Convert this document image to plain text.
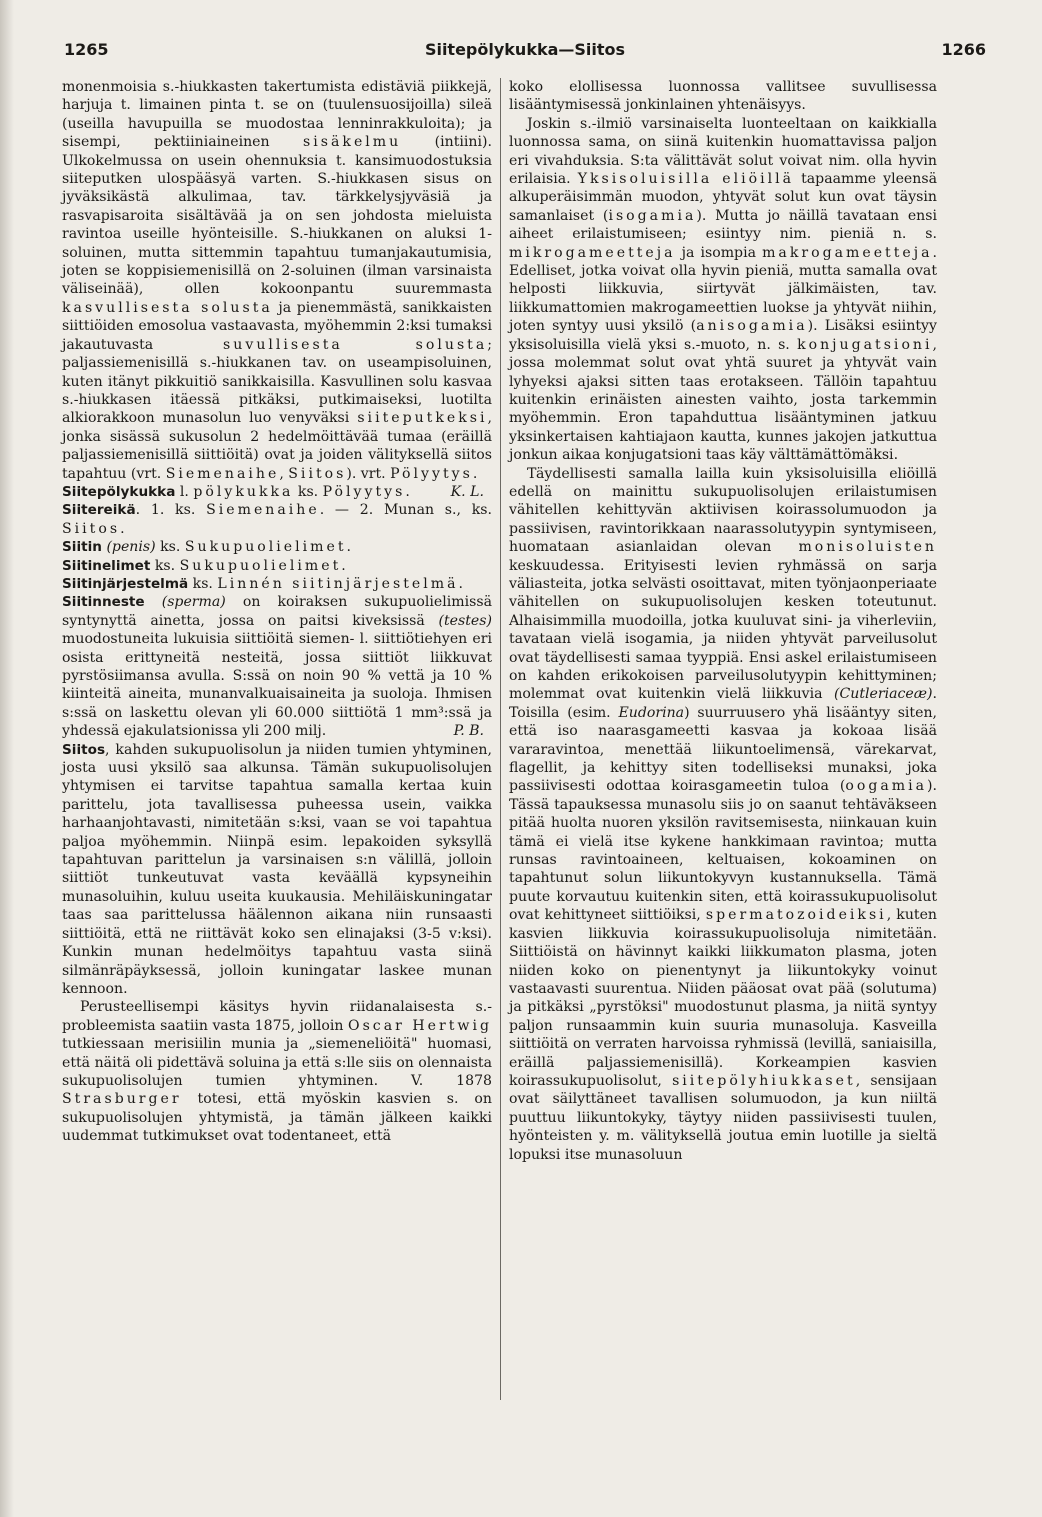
1265	Siitepölykukka—Siitos	1266

monenmoisia s.-hiukkasten takertumista edistäviä piikkejä, harjuja t. limainen pinta t. se on (tuulensuosijoilla) sileä (useilla havupuilla se muodostaa lenninrakkuloita); ja sisempi, pektiiniaineinen sisäkelmu (intiini). Ulkokelmussa on usein ohennuksia t. kansimuodostuksia siiteputken ulospääsyä varten. S.-hiukkasen sisus on jyväksikästä alkulimaa, tav. tärkkelysjyväsiä ja rasvapisaroita sisältävää ja on sen johdosta mieluista ravintoa useille hyönteisille. S.-hiukkanen on aluksi 1-soluinen, mutta sittemmin tapahtuu tumanjakautumisia, joten se koppisiemenisillä on 2-soluinen (ilman varsinaista väliseinää), ollen kokoonpantu suuremmasta kasvullisesta solusta ja pienemmästä, sanikkaisten siittiöiden emosolua vastaavasta, myöhemmin 2:ksi tumaksi jakautuvasta suvullisesta solusta; paljassiemenisillä s.-hiukkanen tav. on useampisoluinen, kuten itänyt pikkuitiö sanikkaisilla. Kasvullinen solu kasvaa s.-hiukkasen itäessä pitkäksi, putkimaiseksi, luotilta alkiorakkoon munasolun luo venyväksi siiteputkeksi, jonka sisässä sukusolun 2 hedelmöittävää tumaa (eräillä paljassiemenisillä siittiöitä) ovat ja joiden välityksellä siitos tapahtuu (vrt. Siemenaihe, Siitos). vrt. Pölyytys.
K. L.

Siitepölykukka l. pölykukka ks. Pölyytys.

Siitereikä. 1. ks. Siemenaihe. — 2. Munan s., ks. Siitos.

Siitin (penis) ks. Sukupuolielimet.

Siitinelimet ks. Sukupuolielimet.

Siitinjärjestelmä ks. Linnén siitinjärjestelmä.

Siitinneste (sperma) on koiraksen sukupuolielimissä syntynyttä ainetta, jossa on paitsi kiveksissä (testes) muodostuneita lukuisia siittiöitä siemen- l. siittiötiehyen eri osista erittyneitä nesteitä, jossa siittiöt liikkuvat pyrstösiimansa avulla. S:ssä on noin 90 % vettä ja 10 % kiinteitä aineita, munanvalkuaisaineita ja suoloja. Ihmisen s:ssä on laskettu olevan yli 60.000 siittiötä 1 mm³:ssä ja yhdessä ejakulatsionissa yli 200 milj.	P. B.

Siitos, kahden sukupuolisolun ja niiden tumien yhtyminen, josta uusi yksilö saa alkunsa. Tämän sukupuolisolujen yhtymisen ei tarvitse tapahtua samalla kertaa kuin parittelu, jota tavallisessa puheessa usein, vaikka harhaanjohtavasti, nimitetään s:ksi, vaan se voi tapahtua paljoa myöhemmin. Niinpä esim. lepakoiden syksyllä tapahtuvan parittelun ja varsinaisen s:n välillä, jolloin siittiöt tunkeutuvat vasta keväällä kypsyneihin munasoluihin, kuluu useita kuukausia. Mehiläiskuningatar taas saa parittelussa häälennon aikana niin runsaasti siittiöitä, että ne riittävät koko sen elinajaksi (3-5 v:ksi). Kunkin munan hedelmöitys tapahtuu vasta siinä silmänräpäyksessä, jolloin kuningatar laskee munan kennoon.

Perusteellisempi käsitys hyvin riidanalaisesta s.-probleemista saatiin vasta 1875, jolloin Oscar Hertwig tutkiessaan merisiilin munia ja „siemeneliöitä" huomasi, että näitä oli pidettävä soluina ja että s:lle siis on olennaista sukupuolisolujen tumien yhtyminen. V. 1878 Strasburger totesi, että myöskin kasvien s. on sukupuolisolujen yhtymistä, ja tämän jälkeen kaikki uudemmat tutkimukset ovat todentaneet, että

koko elollisessa luonnossa vallitsee suvullisessa lisääntymisessä jonkinlainen yhtenäisyys.

Joskin s.-ilmiö varsinaiselta luonteeltaan on kaikkialla luonnossa sama, on siinä kuitenkin huomattavissa paljon eri vivahduksia. S:ta välittävät solut voivat nim. olla hyvin erilaisia. Yksisoluisilla eliöillä tapaamme yleensä alkuperäisimmän muodon, yhtyvät solut kun ovat täysin samanlaiset (isogamia). Mutta jo näillä tavataan ensi aiheet erilaistumiseen; esiintyy nim. pieniä n. s. mikrogameetteja ja isompia makrogameetteja. Edelliset, jotka voivat olla hyvin pieniä, mutta samalla ovat helposti liikkuvia, siirtyvät jälkimäisten, tav. liikkumattomien makrogameettien luokse ja yhtyvät niihin, joten syntyy uusi yksilö (anisogamia). Lisäksi esiintyy yksisoluisilla vielä yksi s.-muoto, n. s. konjugatsioni, jossa molemmat solut ovat yhtä suuret ja yhtyvät vain lyhyeksi ajaksi sitten taas erotakseen. Tällöin tapahtuu kuitenkin erinäisten ainesten vaihto, josta tarkemmin myöhemmin. Eron tapahduttua lisääntyminen jatkuu yksinkertaisen kahtiajaon kautta, kunnes jakojen jatkuttua jonkun aikaa konjugatsioni taas käy välttämättömäksi.

Täydellisesti samalla lailla kuin yksisoluisilla eliöillä edellä on mainittu sukupuolisolujen erilaistumisen vähitellen kehittyvän aktiivisen koirassolumuodon ja passiivisen, ravintorikkaan naarassolutyypin syntymiseen, huomataan asianlaidan olevan monisoluisten keskuudessa. Erityisesti levien ryhmässä on sarja väliasteita, jotka selvästi osoittavat, miten työnjaonperiaate vähitellen on sukupuolisolujen kesken toteutunut. Alhaisimmilla muodoilla, jotka kuuluvat sini- ja viherleviin, tavataan vielä isogamia, ja niiden yhtyvät parveilusolut ovat täydellisesti samaa tyyppiä. Ensi askel erilaistumiseen on kahden erikokoisen parveilusolutyypin kehittyminen; molemmat ovat kuitenkin vielä liikkuvia (Cutleriaceæ). Toisilla (esim. Eudorina) suurruusero yhä lisääntyy siten, että iso naarasgameetti kasvaa ja kokoaa lisää vararavintoa, menettää liikuntoelimensä, värekarvat, flagellit, ja kehittyy siten todelliseksi munaksi, joka passiivisesti odottaa koirasgameetin tuloa (oogamia). Tässä tapauksessa munasolu siis jo on saanut tehtäväkseen pitää huolta nuoren yksilön ravitsemisesta, niinkauan kuin tämä ei vielä itse kykene hankkimaan ravintoa; mutta runsas ravintoaineen, keltuaisen, kokoaminen on tapahtunut solun liikuntokyvyn kustannuksella. Tämä puute korvautuu kuitenkin siten, että koirassukupuolisolut ovat kehittyneet siittiöiksi, spermatozoideiksi, kuten kasvien liikkuvia koirassukupuolisoluja nimitetään. Siittiöistä on hävinnyt kaikki liikkumaton plasma, joten niiden koko on pienentynyt ja liikuntokyky voinut vastaavasti suurentua. Niiden pääosat ovat pää (solutuma) ja pitkäksi „pyrstöksi" muodostunut plasma, ja niitä syntyy paljon runsaammin kuin suuria munasoluja. Kasveilla siittiöitä on verraten harvoissa ryhmissä (levillä, saniaisilla, eräillä paljassiemenisillä). Korkeampien kasvien koirassukupuolisolut, siitepölyhiukkaset, sensijaan ovat säilyttäneet tavallisen solumuodon, ja kun niiltä puuttuu liikuntokyky, täytyy niiden passiivisesti tuulen, hyönteisten y. m. välityksellä joutua emin luotille ja sieltä lopuksi itse munasoluun
